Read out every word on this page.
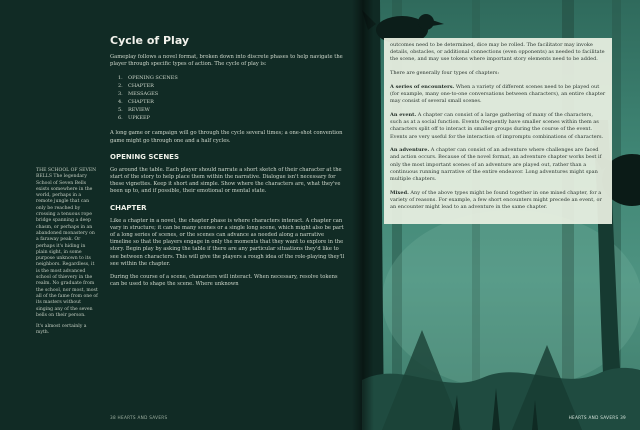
THE SCHOOL OF SEVEN BELLS The legendary School of Seven Bells exists somewhere in the world, perhaps in a remote jungle that can only be reached by crossing a tenuous rope bridge spanning a deep chasm, or perhaps in an abandoned monastery on a faraway peak. Or perhaps it's hiding in plain sight, in some purpose unknown to its neighbors. Regardless, it is the most advanced school of thievery in the realm. No graduate from the school, nor most, most all of the fame from one of its masters without singing any of the seven bells on their person.

It's almost certainly a myth.

Cycle of Play

Gameplay follows a novel format, broken down into discrete phases to help navigate the player through specific types of action. The cycle of play is:

1. OPENING SCENES
2. CHAPTER
3. MESSAGES
4. CHAPTER
5. REVIEW
6. UPKEEP

A long game or campaign will go through the cycle several times; a one-shot convention game might go through one and a half cycles.

OPENING SCENES

Go around the table. Each player should narrate a short sketch of their character at the start of the story to help place them within the narrative. Dialogue isn't necessary for these vignettes. Keep it short and simple. Show where the characters are, what they've been up to, and if possible, their emotional or mental state.

CHAPTER

Like a chapter in a novel, the chapter phase is where characters interact. A chapter can vary in structure; it can be many scenes or a single long scene, which might also be part of a long series of scenes, or the scenes can advance as needed along a narrative timeline so that the players engage in only the moments that they want to explore in the story. Begin play by asking the table if there are any particular situations they'd like to see between characters. This will give the players a rough idea of the role-playing they'll see within the chapter.

During the course of a scene, characters will interact. When necessary, resolve tokens can be used to shape the scene. Where unknown

38 HEARTS AND SAVERS

outcomes need to be determined, dice may be rolled. The facilitator may invoke details, obstacles, or additional connections (even opponents) as needed to facilitate the scene, and may use tokens where important story elements need to be added.

There are generally four types of chapters:

A series of encounters. When a variety of different scenes need to be played out (for example, many one-to-one conversations between characters), an entire chapter may consist of several small scenes.

An event. A chapter can consist of a large gathering of many of the characters, such as at a social function. Events frequently have smaller scenes within them as characters split off to interact in smaller groups during the course of the event. Events are very useful for the interaction of impromptu combinations of characters.

An adventure. A chapter can consist of an adventure where challenges are faced and action occurs. Because of the novel format, an adventure chapter works best if only the most important scenes of an adventure are played out, rather than a continuous running narrative of the entire endeavor. Long adventures might span multiple chapters.

Mixed. Any of the above types might be found together in one mixed chapter, for a variety of reasons. For example, a few short encounters might precede an event, or an encounter might lead to an adventure in the same chapter.

HEARTS AND SAVERS 39
